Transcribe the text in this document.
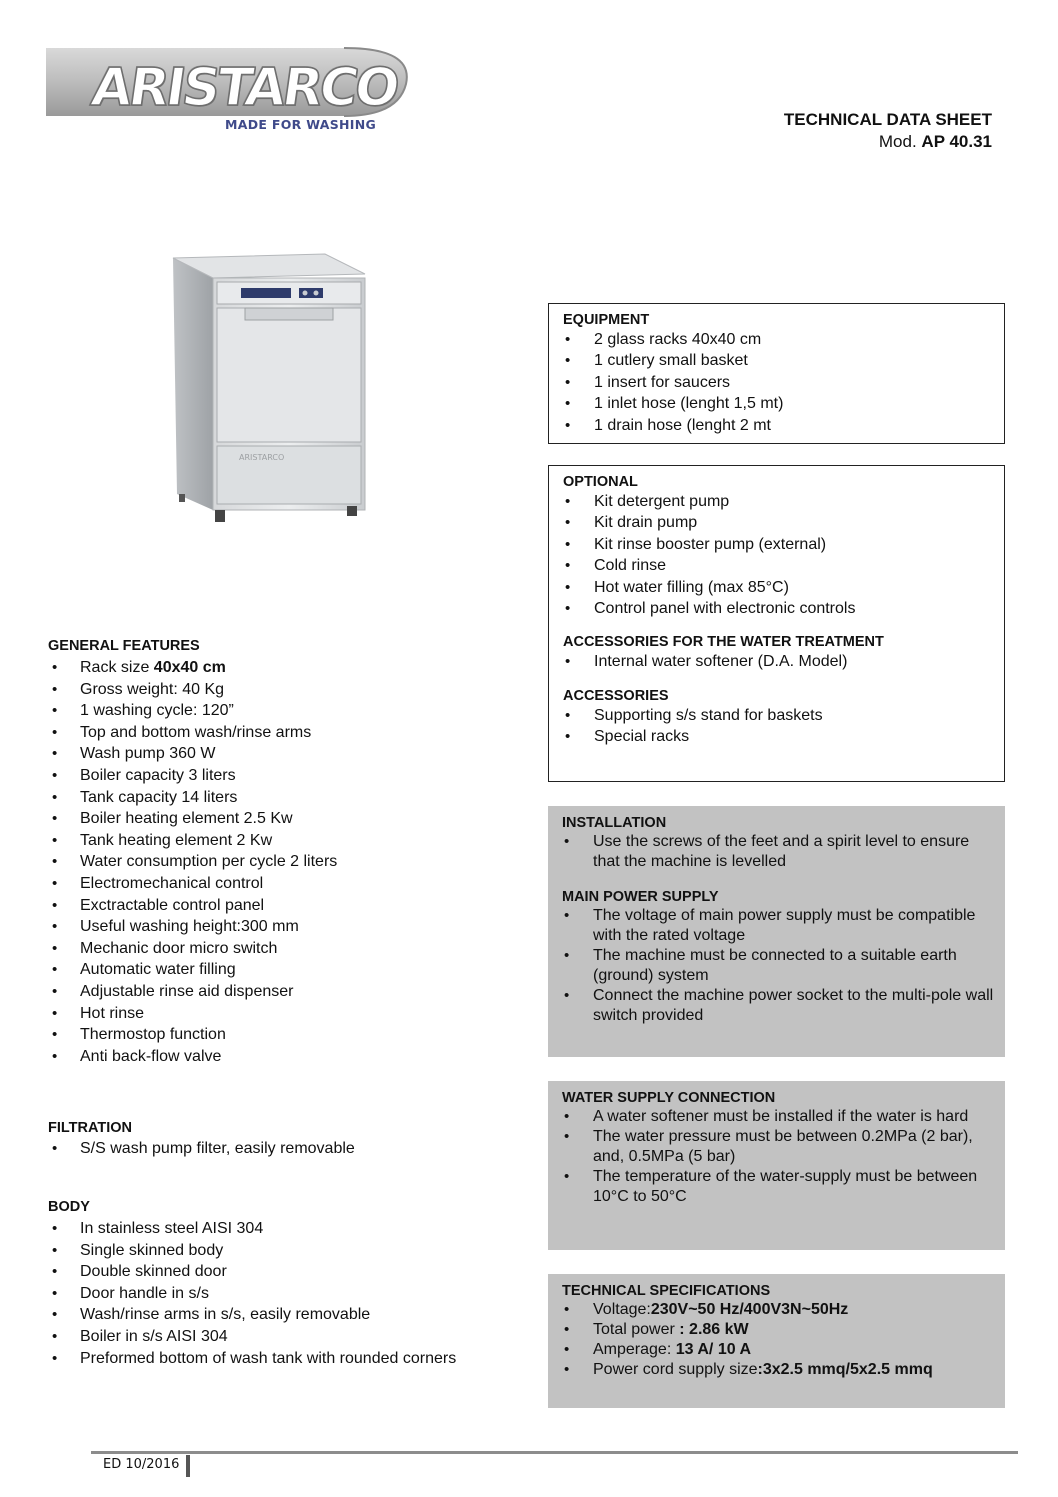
ARISTARCO
MADE FOR WASHING	TECHNICAL DATA SHEET
Mod. AP 40.31
ARISTARCO
GENERAL FEATURES
• Rack size 40x40 cm
• Gross weight: 40 Kg
• 1 washing cycle: 120”
• Top and bottom wash/rinse arms
• Wash pump 360 W
• Boiler capacity 3 liters
• Tank capacity 14 liters
• Boiler heating element 2.5 Kw
• Tank heating element 2 Kw
• Water consumption per cycle 2 liters
• Electromechanical control
• Exctractable control panel
• Useful washing height:300 mm
• Mechanic door micro switch
• Automatic water filling
• Adjustable rinse aid dispenser
• Hot rinse
• Thermostop function
• Anti back-flow valve
FILTRATION
• S/S wash pump filter, easily removable
BODY
• In stainless steel AISI 304
• Single skinned body
• Double skinned door
• Door handle in s/s
• Wash/rinse arms in s/s, easily removable
• Boiler in s/s AISI 304
• Preformed bottom of wash tank with rounded corners
EQUIPMENT
• 2 glass racks 40x40 cm
• 1 cutlery small basket
• 1 insert for saucers
• 1 inlet hose (lenght 1,5 mt)
• 1 drain hose (lenght 2 mt
OPTIONAL
• Kit detergent pump
• Kit drain pump
• Kit rinse booster pump (external)
• Cold rinse
• Hot water filling (max 85°C)
• Control panel with electronic controls
ACCESSORIES FOR THE WATER TREATMENT
• Internal water softener (D.A. Model)
ACCESSORIES
• Supporting s/s stand for baskets
• Special racks
INSTALLATION
• Use the screws of the feet and a spirit level to ensure that the machine is levelled
MAIN POWER SUPPLY
• The voltage of main power supply must be compatible with the rated voltage
• The machine must be connected to a suitable earth (ground) system
• Connect the machine power socket to the multi-pole wall switch provided
WATER SUPPLY CONNECTION
• A water softener must be installed if the water is hard
• The water pressure must be between 0.2MPa (2 bar), and, 0.5MPa (5 bar)
• The temperature of the water-supply must be between 10°C to 50°C
TECHNICAL SPECIFICATIONS
• Voltage:230V~50 Hz/400V3N~50Hz
• Total power : 2.86 kW
• Amperage: 13 A/ 10 A
• Power cord supply size:3x2.5 mmq/5x2.5 mmq
ED 10/2016
